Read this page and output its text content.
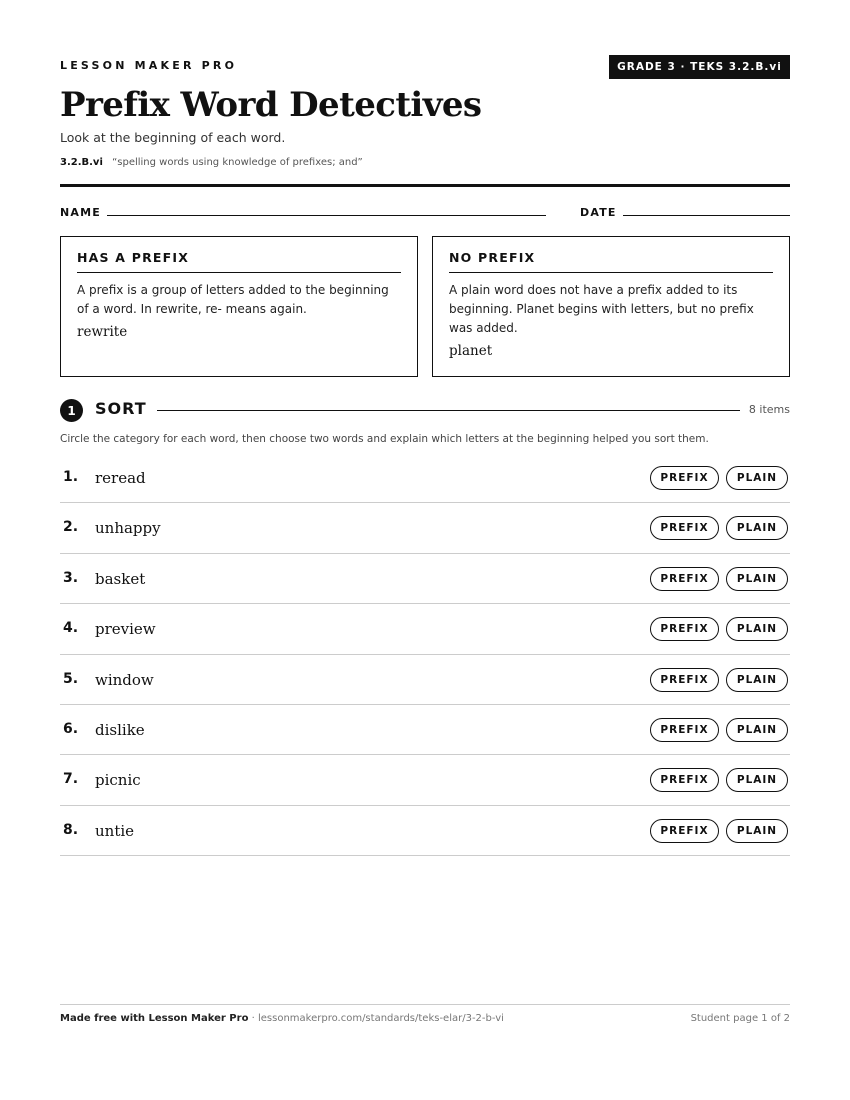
LESSON MAKER PRO	GRADE 3 · TEKS 3.2.B.vi
Prefix Word Detectives
Look at the beginning of each word.
3.2.B.vi “spelling words using knowledge of prefixes; and”
NAME	DATE
HAS A PREFIX
A prefix is a group of letters added to the beginning of a word. In rewrite, re- means again.
rewrite
NO PREFIX
A plain word does not have a prefix added to its beginning. Planet begins with letters, but no prefix was added.
planet
1	SORT	8 items
Circle the category for each word, then choose two words and explain which letters at the beginning helped you sort them.
1. reread	PREFIX	PLAIN
2. unhappy	PREFIX	PLAIN
3. basket	PREFIX	PLAIN
4. preview	PREFIX	PLAIN
5. window	PREFIX	PLAIN
6. dislike	PREFIX	PLAIN
7. picnic	PREFIX	PLAIN
8. untie	PREFIX	PLAIN
Made free with Lesson Maker Pro · lessonmakerpro.com/standards/teks-elar/3-2-b-vi	Student page 1 of 2
